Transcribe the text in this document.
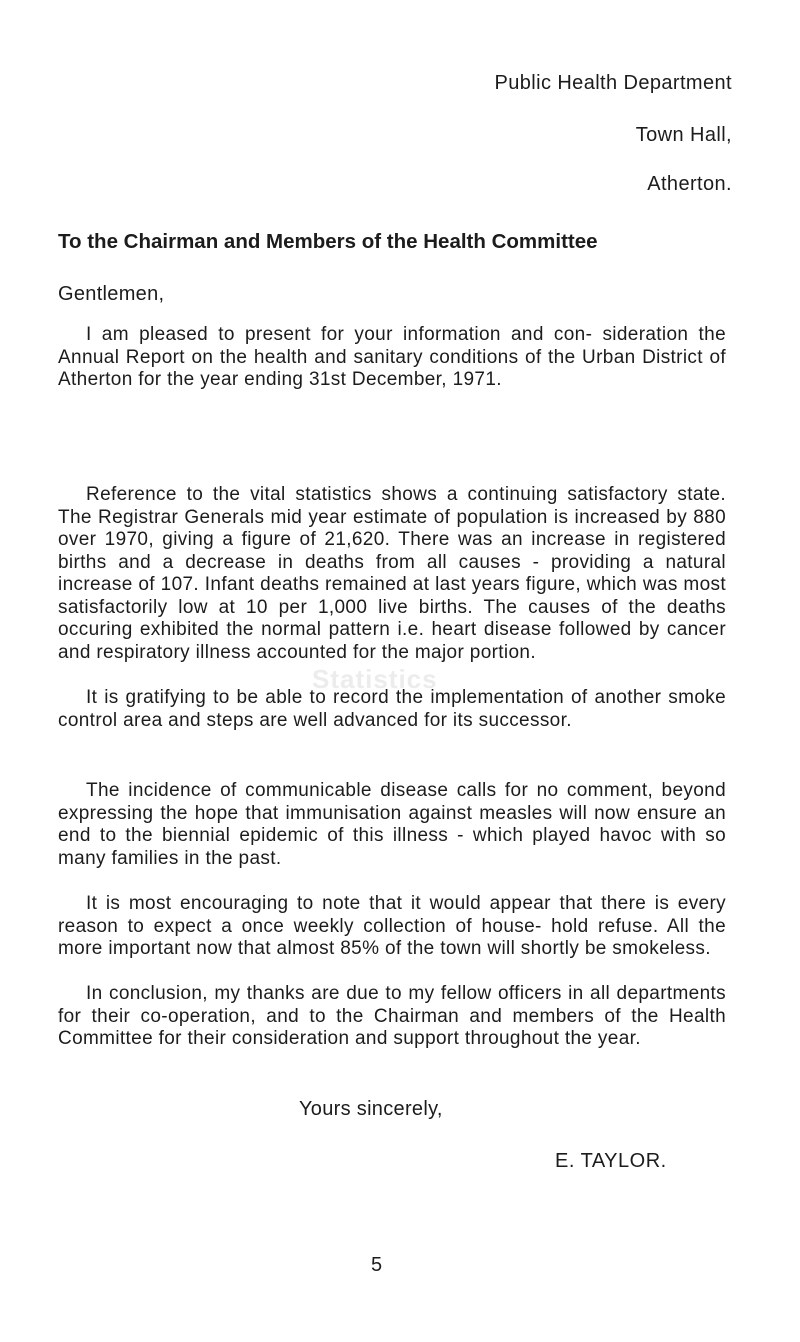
Statistics
Public Health Department
Town Hall,
Atherton.
To the Chairman and Members of the Health Committee
Gentlemen,

I am pleased to present for your information and con- sideration the Annual Report on the health and sanitary conditions of the Urban District of Atherton for the year ending 31st December, 1971.

Reference to the vital statistics shows a continuing satisfactory state. The Registrar Generals mid year estimate of population is increased by 880 over 1970, giving a figure of 21,620. There was an increase in registered births and a decrease in deaths from all causes - providing a natural increase of 107. Infant deaths remained at last years figure, which was most satisfactorily low at 10 per 1,000 live births. The causes of the deaths occuring exhibited the normal pattern i.e. heart disease followed by cancer and respiratory illness accounted for the major portion.

It is gratifying to be able to record the implementation of another smoke control area and steps are well advanced for its successor.

The incidence of communicable disease calls for no comment, beyond expressing the hope that immunisation against measles will now ensure an end to the biennial epidemic of this illness - which played havoc with so many families in the past.

It is most encouraging to note that it would appear that there is every reason to expect a once weekly collection of house- hold refuse. All the more important now that almost 85% of the town will shortly be smokeless.

In conclusion, my thanks are due to my fellow officers in all departments for their co-operation, and to the Chairman and members of the Health Committee for their consideration and support throughout the year.

Yours sincerely,
E. TAYLOR.
5
